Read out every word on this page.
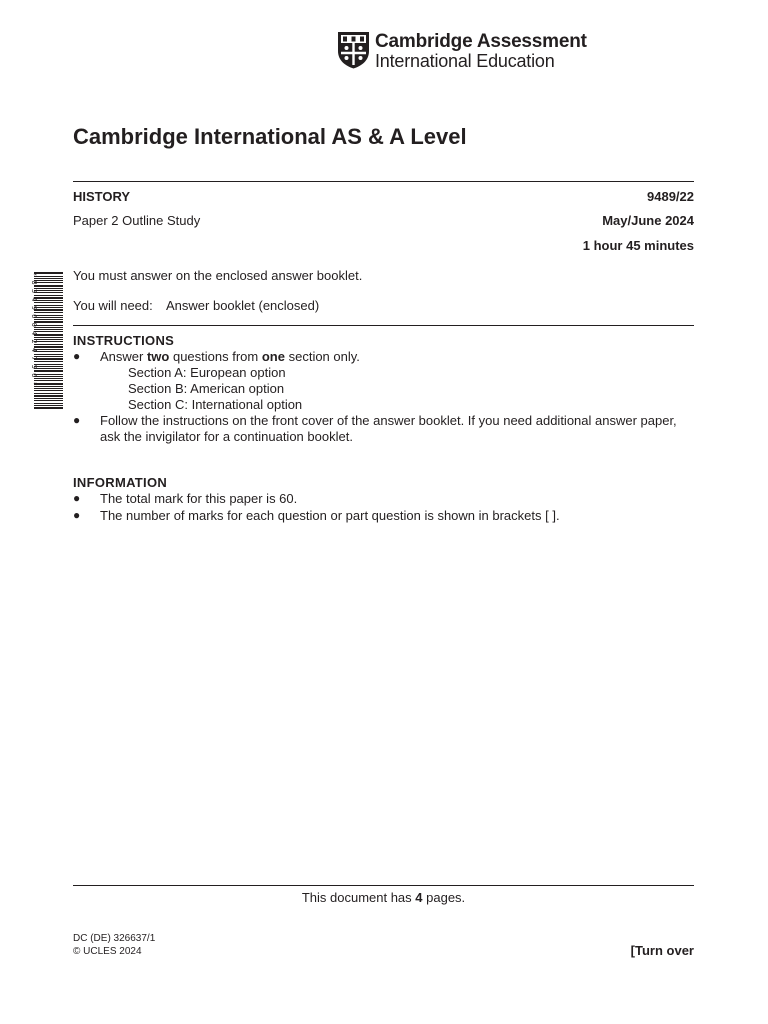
Cambridge Assessment
International Education
Cambridge International AS & A Level
HISTORY	9489/22
Paper 2 Outline Study	May/June 2024
1 hour 45 minutes
* 8 3 4 9 6 0 4 2 4 7 5 6 *	You must answer on the enclosed answer booklet.
You will need: Answer booklet (enclosed)
INSTRUCTIONS
● Answer two questions from one section only.
Section A: European option
Section B: American option
Section C: International option
● Follow the instructions on the front cover of the answer booklet. If you need additional answer paper,
ask the invigilator for a continuation booklet.
INFORMATION
● The total mark for this paper is 60.
● The number of marks for each question or part question is shown in brackets [ ].
This document has 4 pages.
DC (DE) 326637/1
© UCLES 2024	[Turn over
